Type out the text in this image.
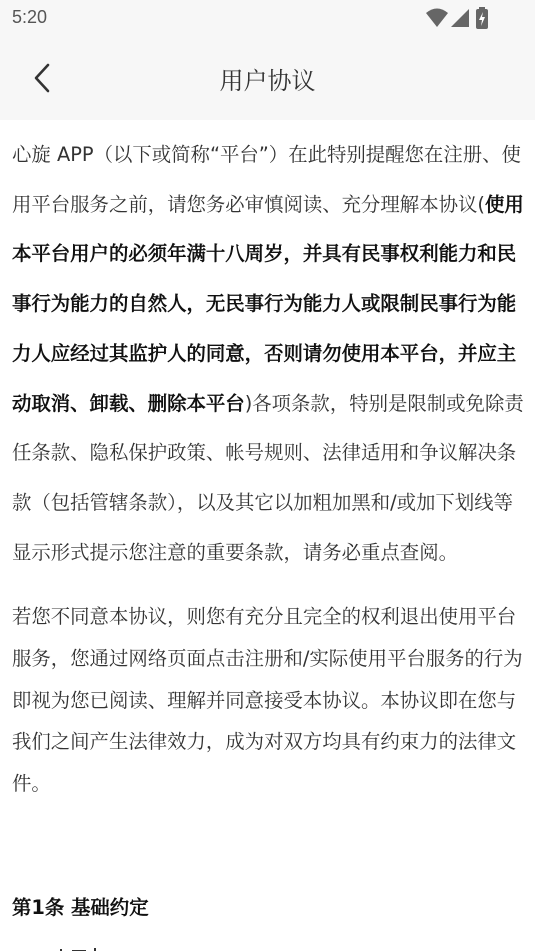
5:20
用户协议

心旋 APP（以下或简称“平台”）在此特别提醒您在注册、使用平台服务之前，请您务必审慎阅读、充分理解本协议(使用本平台用户的必须年满十八周岁，并具有民事权利能力和民事行为能力的自然人，无民事行为能力人或限制民事行为能力人应经过其监护人的同意，否则请勿使用本平台，并应主动取消、卸载、删除本平台)各项条款，特别是限制或免除责任条款、隐私保护政策、帐号规则、法律适用和争议解决条款（包括管辖条款），以及其它以加粗加黑和/或加下划线等显示形式提示您注意的重要条款，请务必重点查阅。

若您不同意本协议，则您有充分且完全的权利退出使用平台服务，您通过网络页面点击注册和/实际使用平台服务的行为即视为您已阅读、理解并同意接受本协议。本协议即在您与我们之间产生法律效力，成为对双方均具有约束力的法律文件。

第1条 基础约定
